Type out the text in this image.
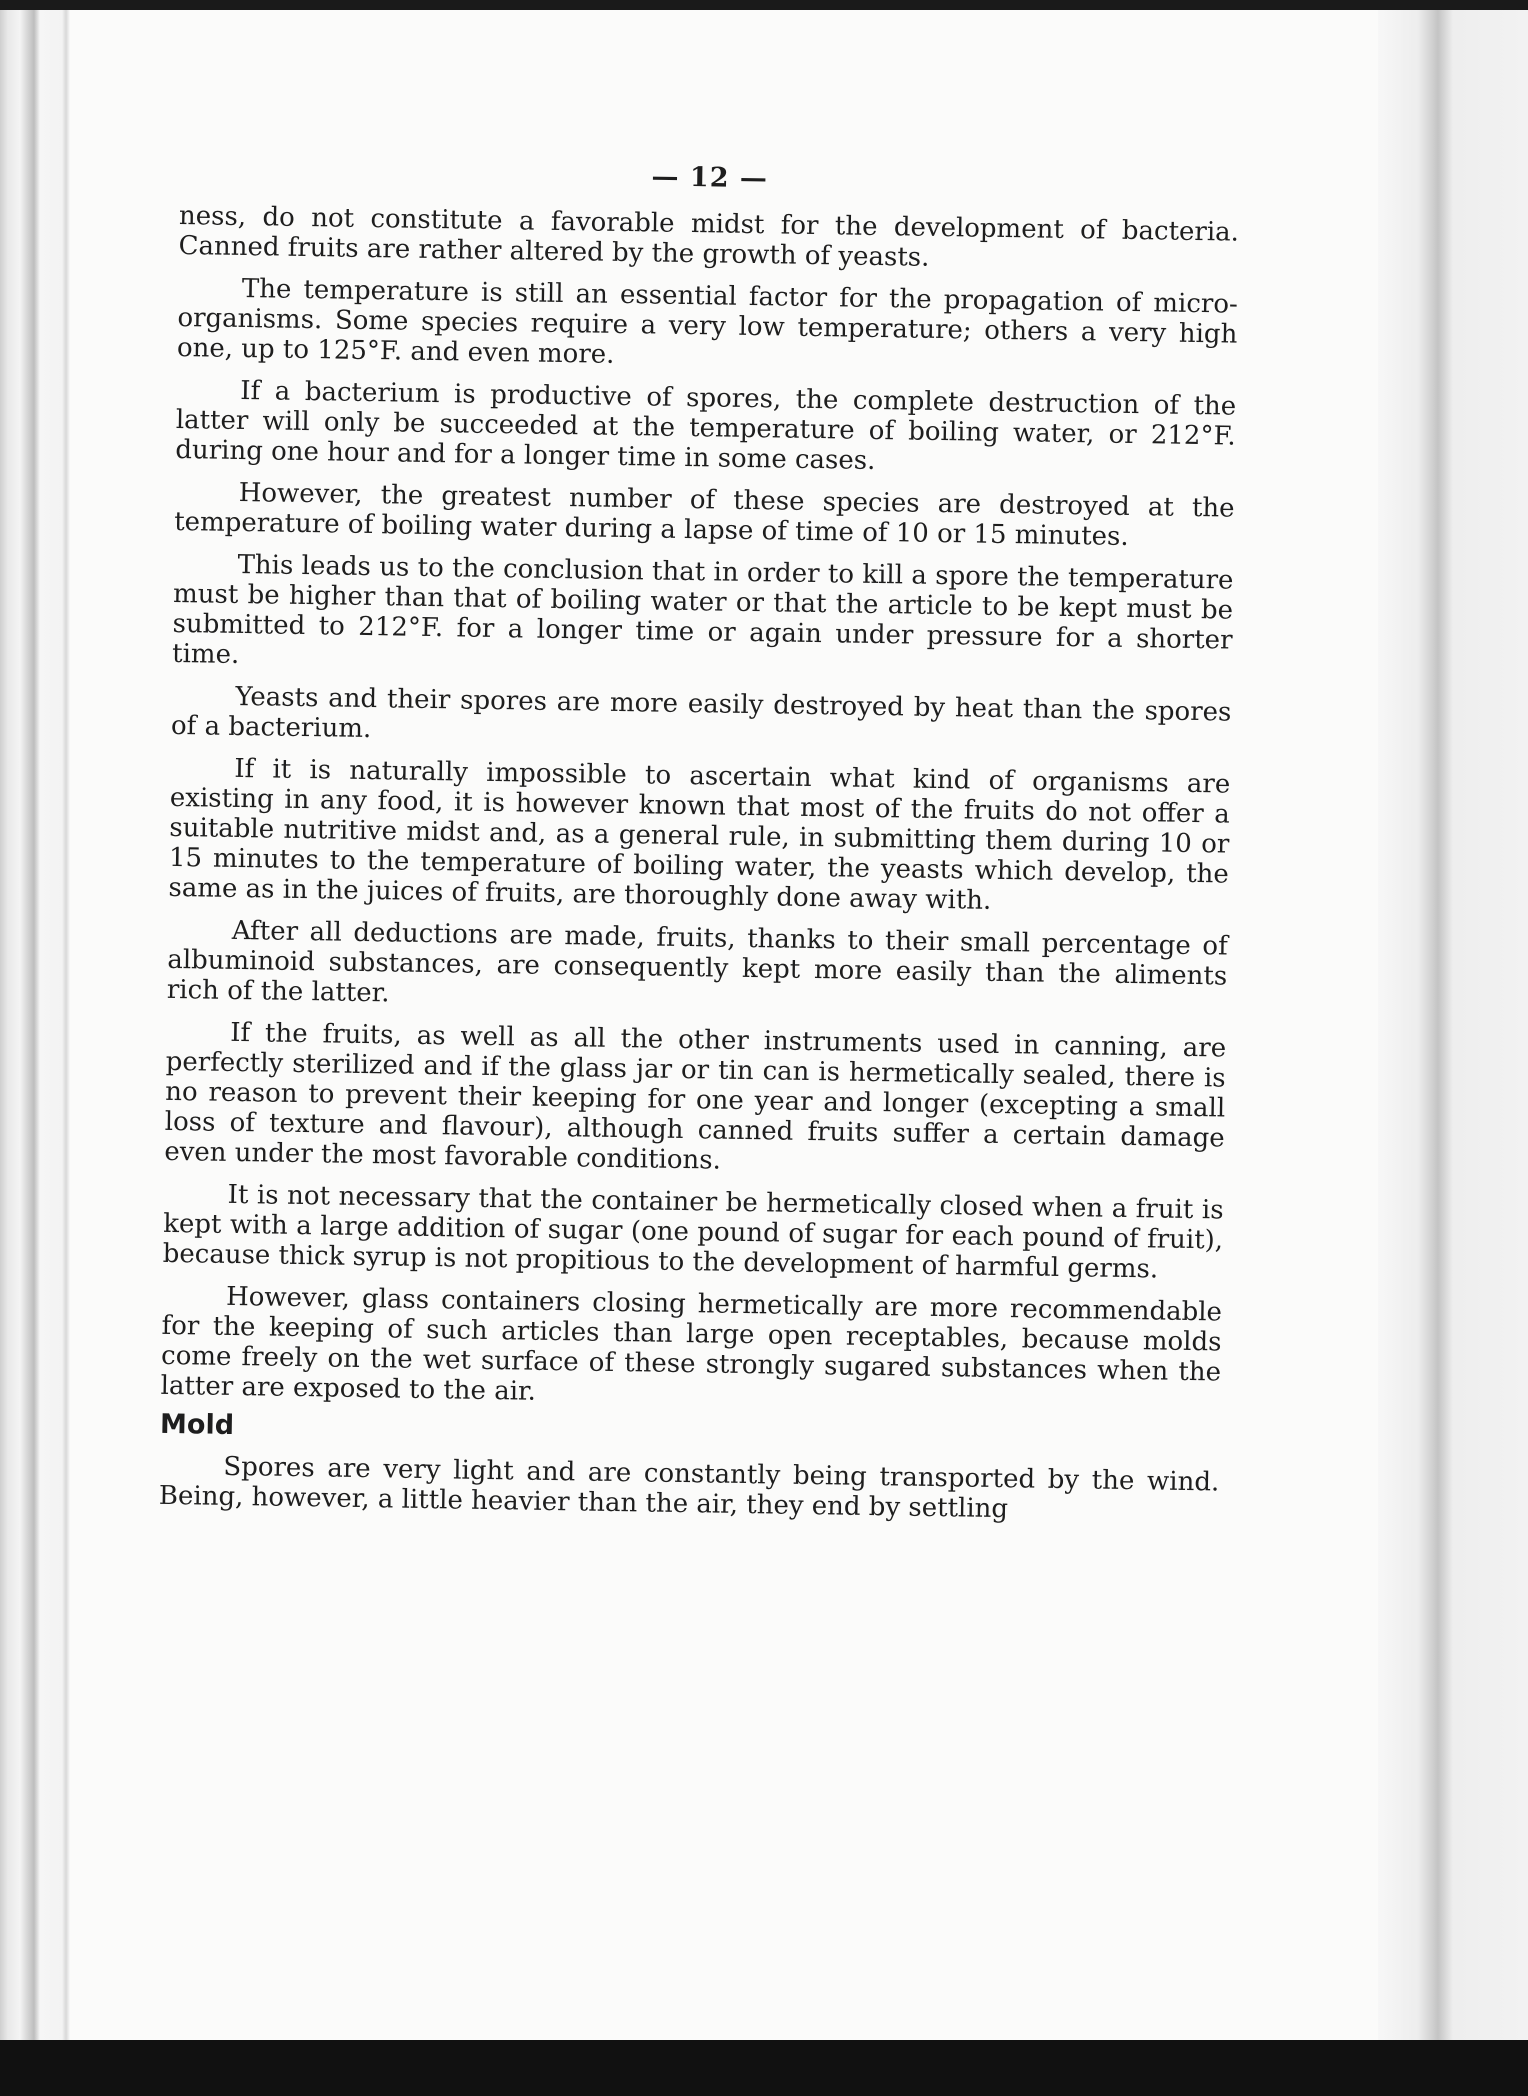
— 12 —

ness, do not constitute a favorable midst for the development of bacteria. Canned fruits are rather altered by the growth of yeasts.

The temperature is still an essential factor for the propagation of micro-organisms. Some species require a very low temperature; others a very high one, up to 125°F. and even more.

If a bacterium is productive of spores, the complete destruction of the latter will only be succeeded at the temperature of boiling water, or 212°F. during one hour and for a longer time in some cases.

However, the greatest number of these species are destroyed at the temperature of boiling water during a lapse of time of 10 or 15 minutes.

This leads us to the conclusion that in order to kill a spore the temperature must be higher than that of boiling water or that the article to be kept must be submitted to 212°F. for a longer time or again under pressure for a shorter time.

Yeasts and their spores are more easily destroyed by heat than the spores of a bacterium.

If it is naturally impossible to ascertain what kind of organisms are existing in any food, it is however known that most of the fruits do not offer a suitable nutritive midst and, as a general rule, in submitting them during 10 or 15 minutes to the temperature of boiling water, the yeasts which develop, the same as in the juices of fruits, are thoroughly done away with.

After all deductions are made, fruits, thanks to their small percentage of albuminoid substances, are consequently kept more easily than the aliments rich of the latter.

If the fruits, as well as all the other instruments used in canning, are perfectly sterilized and if the glass jar or tin can is hermetically sealed, there is no reason to prevent their keeping for one year and longer (excepting a small loss of texture and flavour), although canned fruits suffer a certain damage even under the most favorable conditions.

It is not necessary that the container be hermetically closed when a fruit is kept with a large addition of sugar (one pound of sugar for each pound of fruit), because thick syrup is not propitious to the development of harmful germs.

However, glass containers closing hermetically are more recommendable for the keeping of such articles than large open receptables, because molds come freely on the wet surface of these strongly sugared substances when the latter are exposed to the air.

Mold

Spores are very light and are constantly being transported by the wind. Being, however, a little heavier than the air, they end by settling
